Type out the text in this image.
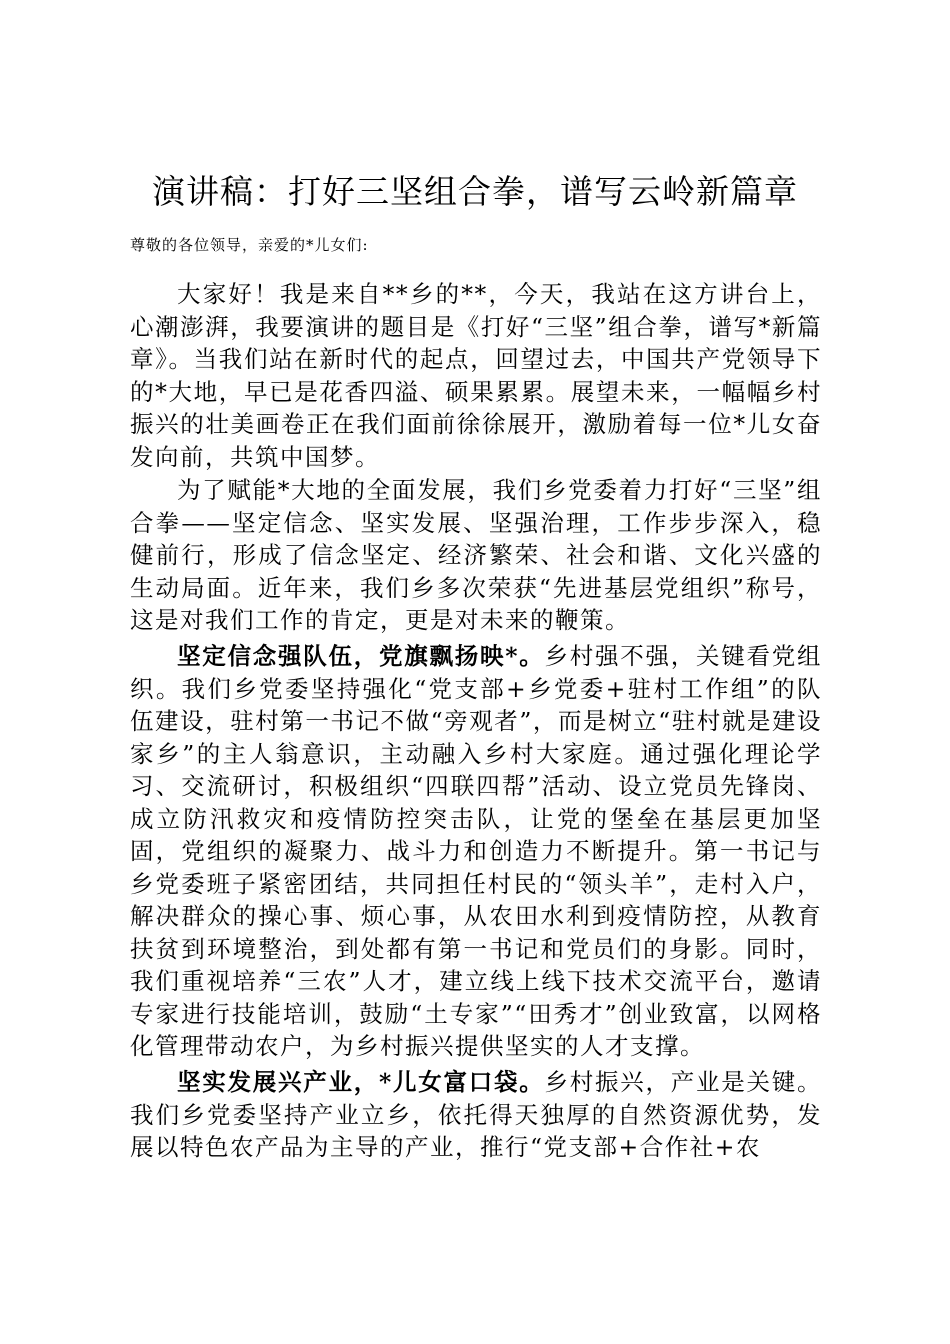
演讲稿：打好三坚组合拳，谱写云岭新篇章

尊敬的各位领导，亲爱的*儿女们:

大家好！我是来自**乡的**，今天，我站在这方讲台上，心潮澎湃，我要演讲的题目是《打好“三坚”组合拳，谱写*新篇章》。当我们站在新时代的起点，回望过去，中国共产党领导下的*大地，早已是花香四溢、硕果累累。展望未来，一幅幅乡村振兴的壮美画卷正在我们面前徐徐展开，激励着每一位*儿女奋发向前，共筑中国梦。

为了赋能*大地的全面发展，我们乡党委着力打好“三坚”组合拳——坚定信念、坚实发展、坚强治理，工作步步深入，稳健前行，形成了信念坚定、经济繁荣、社会和谐、文化兴盛的生动局面。近年来，我们乡多次荣获“先进基层党组织”称号，这是对我们工作的肯定，更是对未来的鞭策。

坚定信念强队伍，党旗飘扬映*。乡村强不强，关键看党组织。我们乡党委坚持强化“党支部+乡党委+驻村工作组”的队伍建设，驻村第一书记不做“旁观者”，而是树立“驻村就是建设家乡”的主人翁意识，主动融入乡村大家庭。通过强化理论学习、交流研讨，积极组织“四联四帮”活动、设立党员先锋岗、成立防汛救灾和疫情防控突击队，让党的堡垒在基层更加坚固，党组织的凝聚力、战斗力和创造力不断提升。第一书记与乡党委班子紧密团结，共同担任村民的“领头羊”，走村入户，解决群众的操心事、烦心事，从农田水利到疫情防控，从教育扶贫到环境整治，到处都有第一书记和党员们的身影。同时，我们重视培养“三农”人才，建立线上线下技术交流平台，邀请专家进行技能培训，鼓励“土专家”“田秀才”创业致富，以网格化管理带动农户，为乡村振兴提供坚实的人才支撑。

坚实发展兴产业，*儿女富口袋。乡村振兴，产业是关键。我们乡党委坚持产业立乡，依托得天独厚的自然资源优势，发展以特色农产品为主导的产业，推行“党支部+合作社+农
